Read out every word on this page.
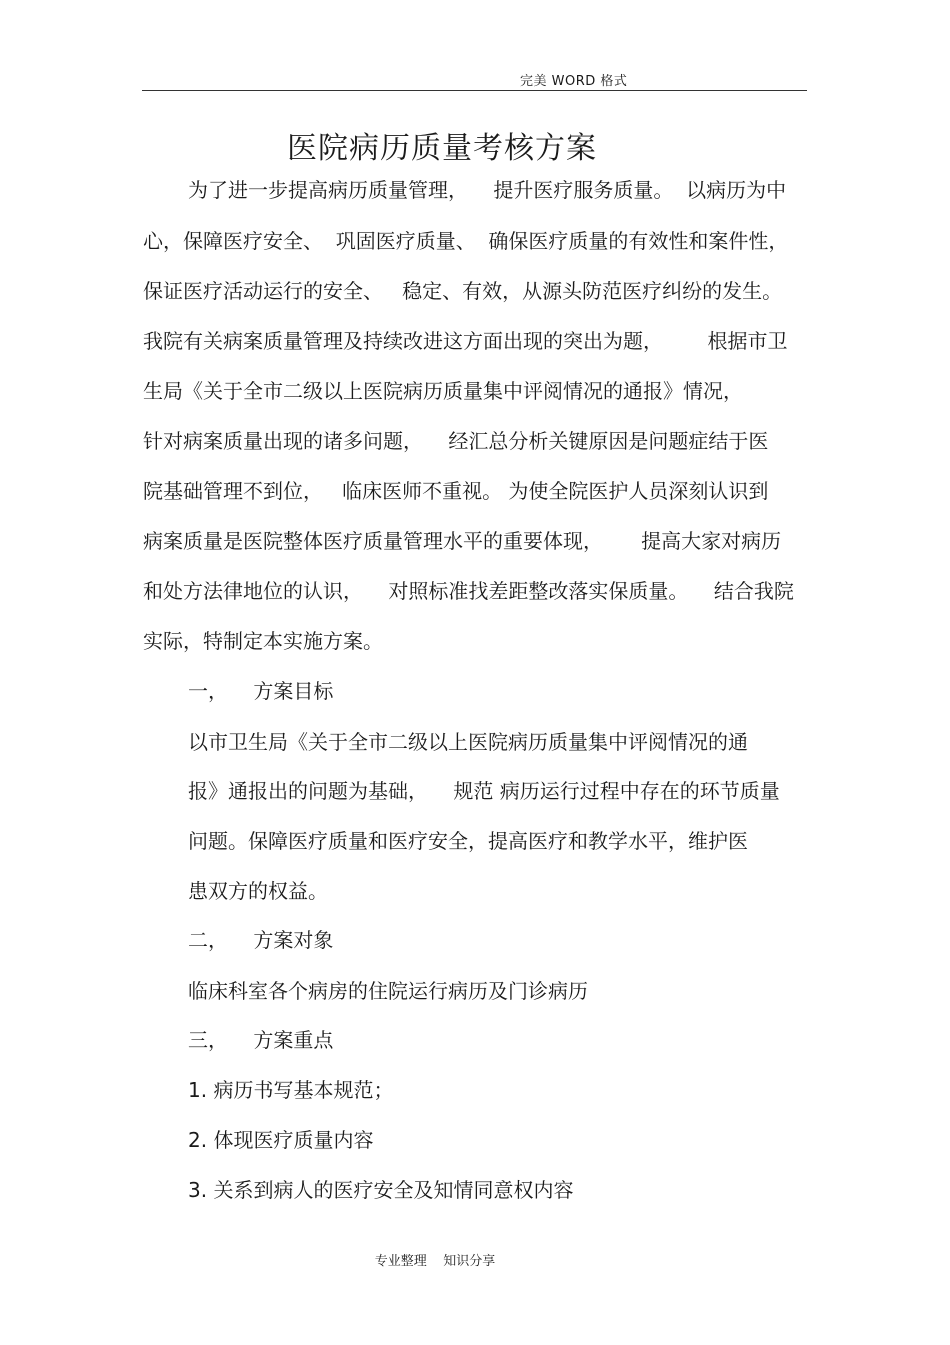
完美 WORD 格式
医院病历质量考核方案
为了进一步提高病历质量管理，    提升医疗服务质量。  以病历为中
心，保障医疗安全、  巩固医疗质量、  确保医疗质量的有效性和案件性，
保证医疗活动运行的安全、   稳定、有效，从源头防范医疗纠纷的发生。
我院有关病案质量管理及持续改进这方面出现的突出为题，       根据市卫
生局《关于全市二级以上医院病历质量集中评阅情况的通报》情况，
针对病案质量出现的诸多问题，    经汇总分析关键原因是问题症结于医
院基础管理不到位，   临床医师不重视。 为使全院医护人员深刻认识到
病案质量是医院整体医疗质量管理水平的重要体现，      提高大家对病历
和处方法律地位的认识，    对照标准找差距整改落实保质量。    结合我院
实际，特制定本实施方案。
一，    方案目标
以市卫生局《关于全市二级以上医院病历质量集中评阅情况的通
报》通报出的问题为基础，    规范 病历运行过程中存在的环节质量
问题。保障医疗质量和医疗安全，提高医疗和教学水平，维护医
患双方的权益。
二，    方案对象
临床科室各个病房的住院运行病历及门诊病历
三，    方案重点
1. 病历书写基本规范；
2. 体现医疗质量内容
3. 关系到病人的医疗安全及知情同意权内容
专业整理    知识分享
